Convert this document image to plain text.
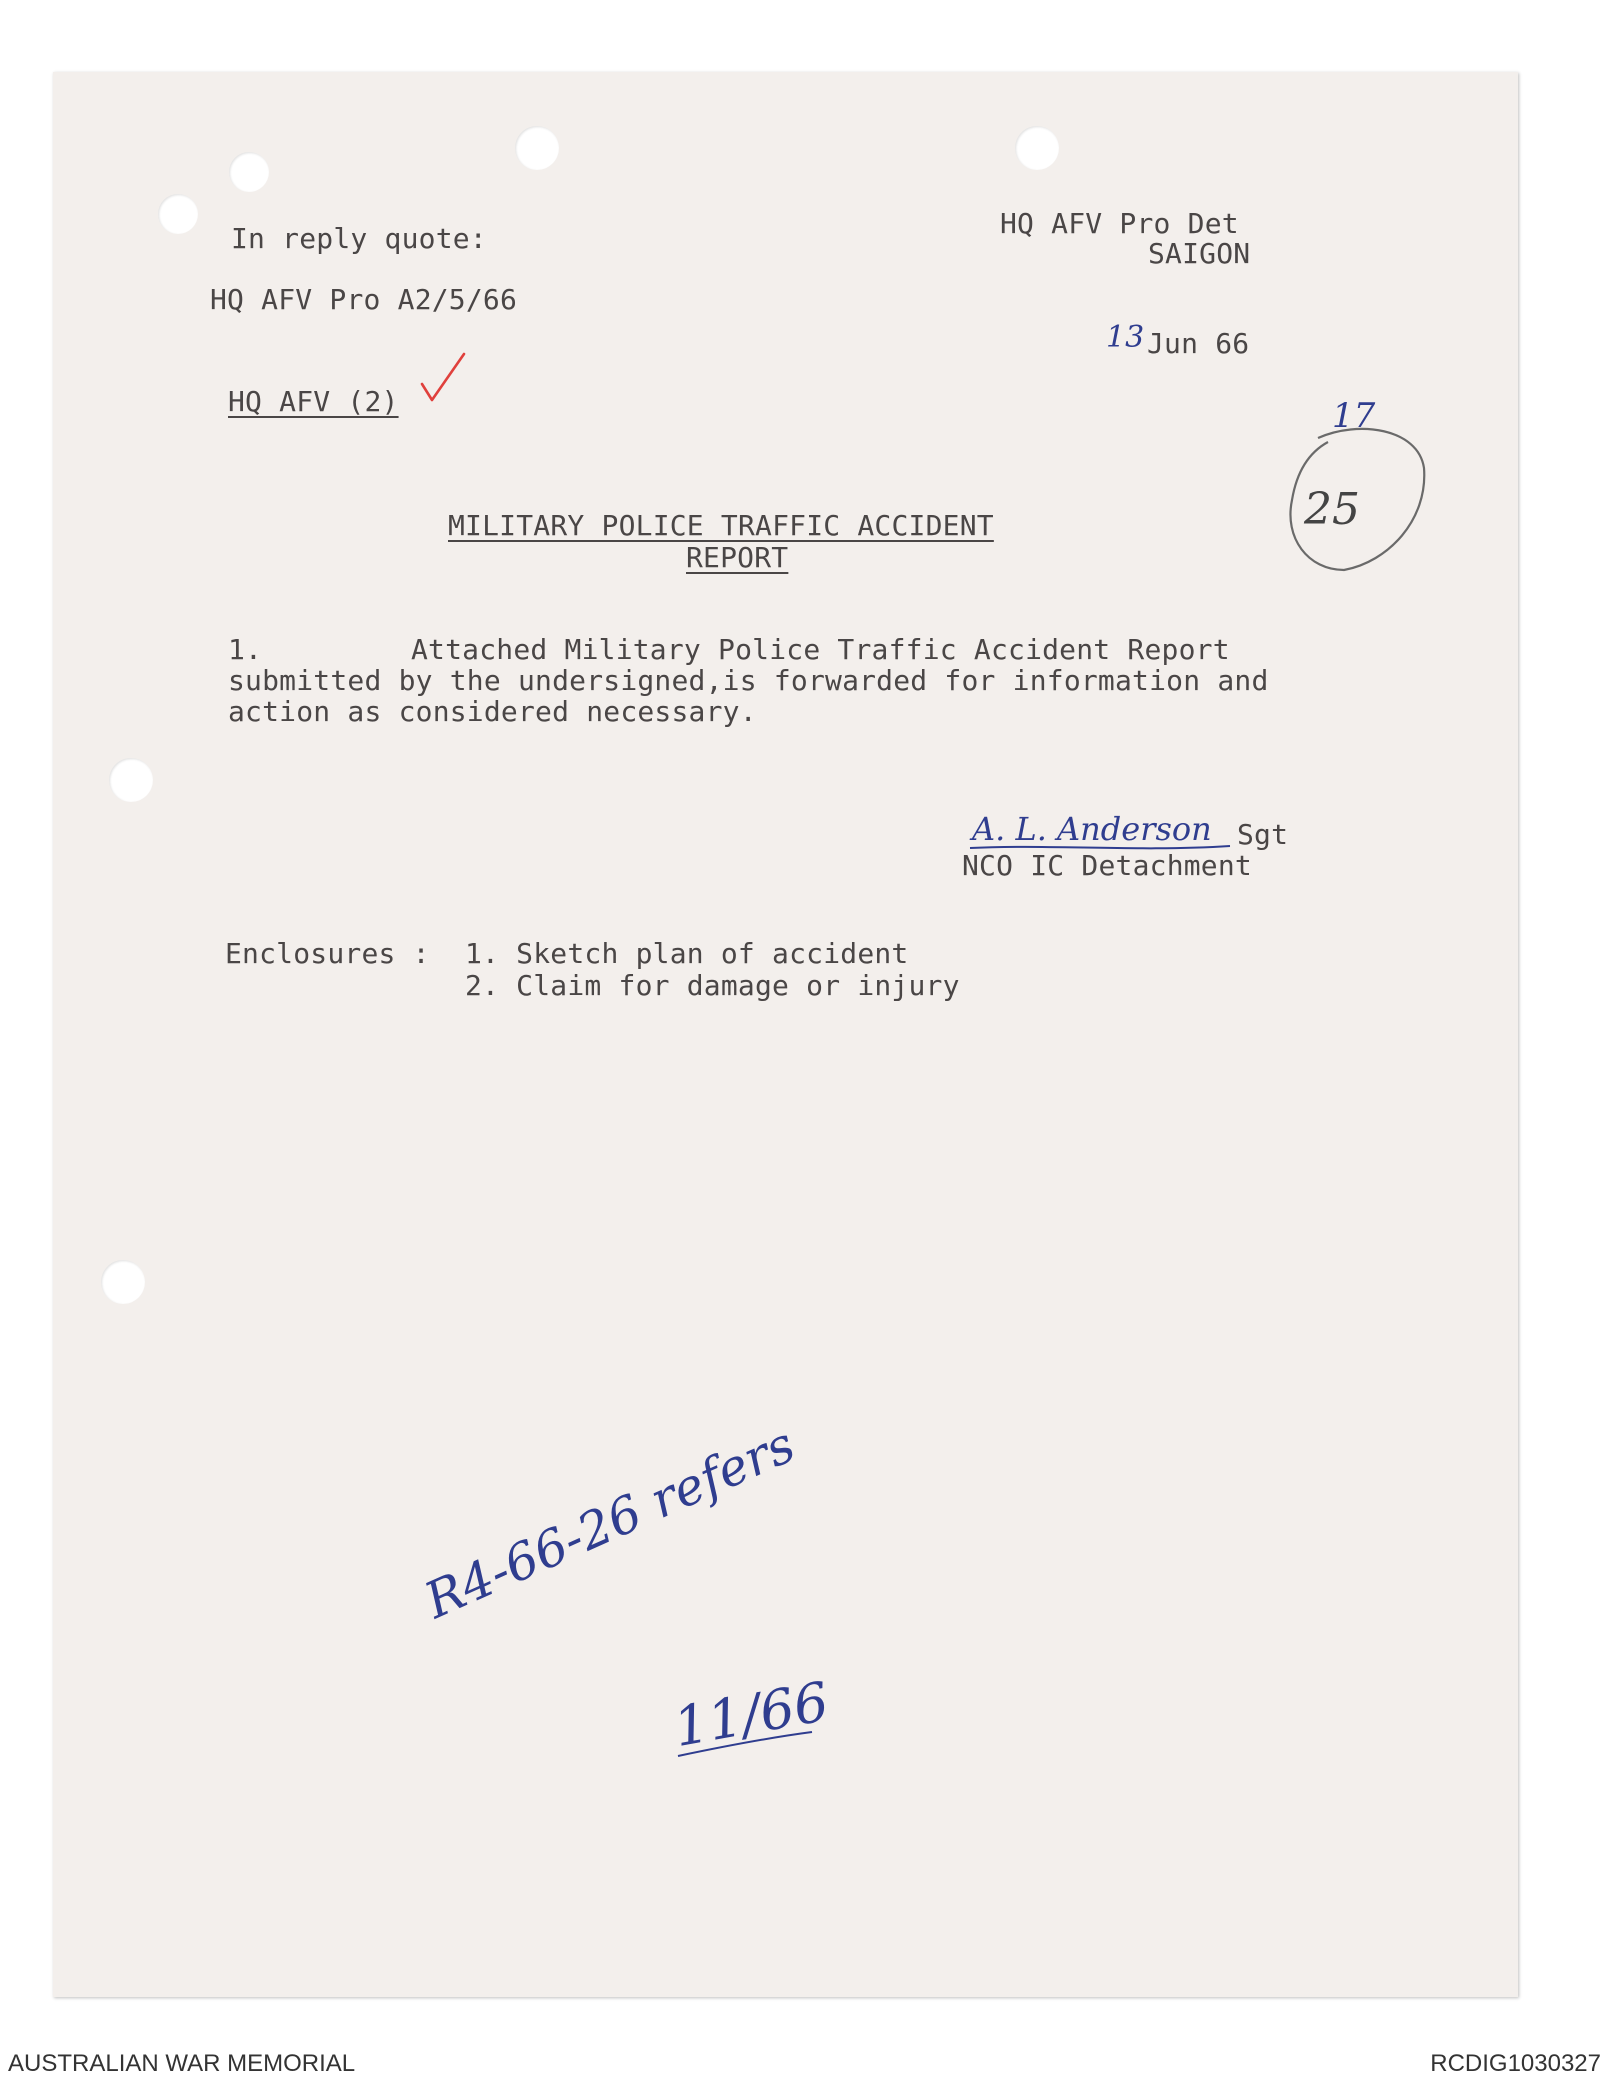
In reply quote:
HQ AFV Pro A2/5/66
HQ AFV (2)
HQ AFV Pro Det
SAIGON
13 Jun 66
17
25
MILITARY POLICE TRAFFIC ACCIDENT
REPORT
1.	Attached Military Police Traffic Accident Report
submitted by the undersigned,is forwarded for information and
action as considered necessary.
A. L. Anderson Sgt
NCO IC Detachment
Enclosures : 1. Sketch plan of accident
2. Claim for damage or injury
R4-66-26 refers
11/66
AUSTRALIAN WAR MEMORIAL	RCDIG1030327
